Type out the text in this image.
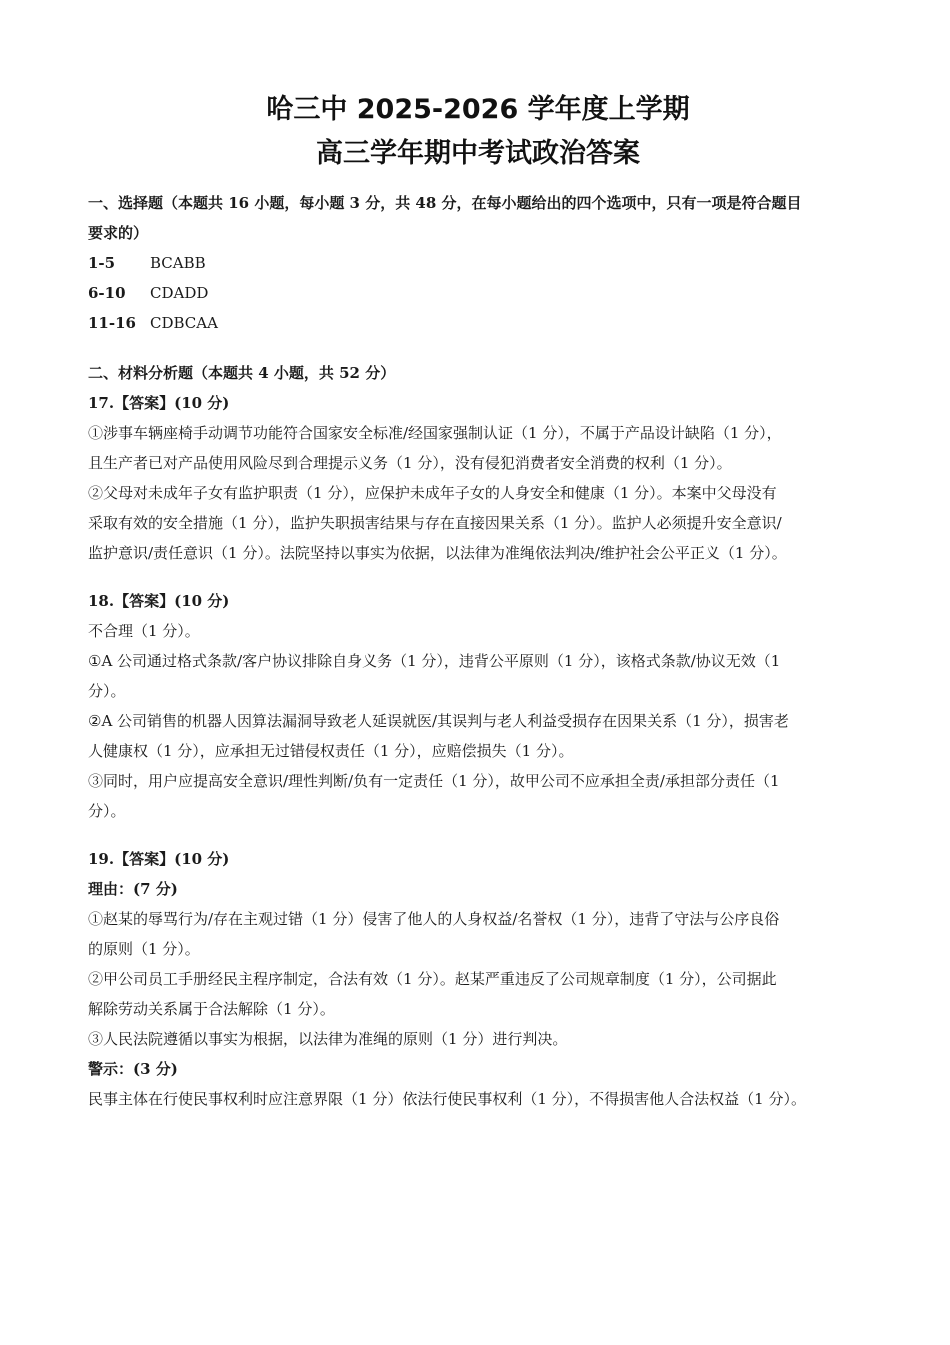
哈三中 2025-2026 学年度上学期
高三学年期中考试政治答案

一、选择题（本题共 16 小题，每小题 3 分，共 48 分，在每小题给出的四个选项中，只有一项是符合题目

要求的）

1-5	BCABB
6-10	CDADD
11-16 CDBCAA

二、材料分析题（本题共 4 小题，共 52 分）

17.【答案】(10 分)

①涉事车辆座椅手动调节功能符合国家安全标准/经国家强制认证（1 分），不属于产品设计缺陷（1 分），

且生产者已对产品使用风险尽到合理提示义务（1 分），没有侵犯消费者安全消费的权利（1 分）。

②父母对未成年子女有监护职责（1 分），应保护未成年子女的人身安全和健康（1 分）。本案中父母没有

采取有效的安全措施（1 分），监护失职损害结果与存在直接因果关系（1 分）。监护人必须提升安全意识/

监护意识/责任意识（1 分）。法院坚持以事实为依据，以法律为准绳依法判决/维护社会公平正义（1 分）。

18.【答案】(10 分)

不合理（1 分）。

①A 公司通过格式条款/客户协议排除自身义务（1 分），违背公平原则（1 分），该格式条款/协议无效（1

分）。

②A 公司销售的机器人因算法漏洞导致老人延误就医/其误判与老人利益受损存在因果关系（1 分），损害老

人健康权（1 分），应承担无过错侵权责任（1 分），应赔偿损失（1 分）。

③同时，用户应提高安全意识/理性判断/负有一定责任（1 分），故甲公司不应承担全责/承担部分责任（1

分）。

19.【答案】(10 分)

理由：(7 分)

①赵某的辱骂行为/存在主观过错（1 分）侵害了他人的人身权益/名誉权（1 分），违背了守法与公序良俗

的原则（1 分）。

②甲公司员工手册经民主程序制定，合法有效（1 分）。赵某严重违反了公司规章制度（1 分），公司据此

解除劳动关系属于合法解除（1 分）。

③人民法院遵循以事实为根据，以法律为准绳的原则（1 分）进行判决。

警示：(3 分)

民事主体在行使民事权利时应注意界限（1 分）依法行使民事权利（1 分），不得损害他人合法权益（1 分）。
